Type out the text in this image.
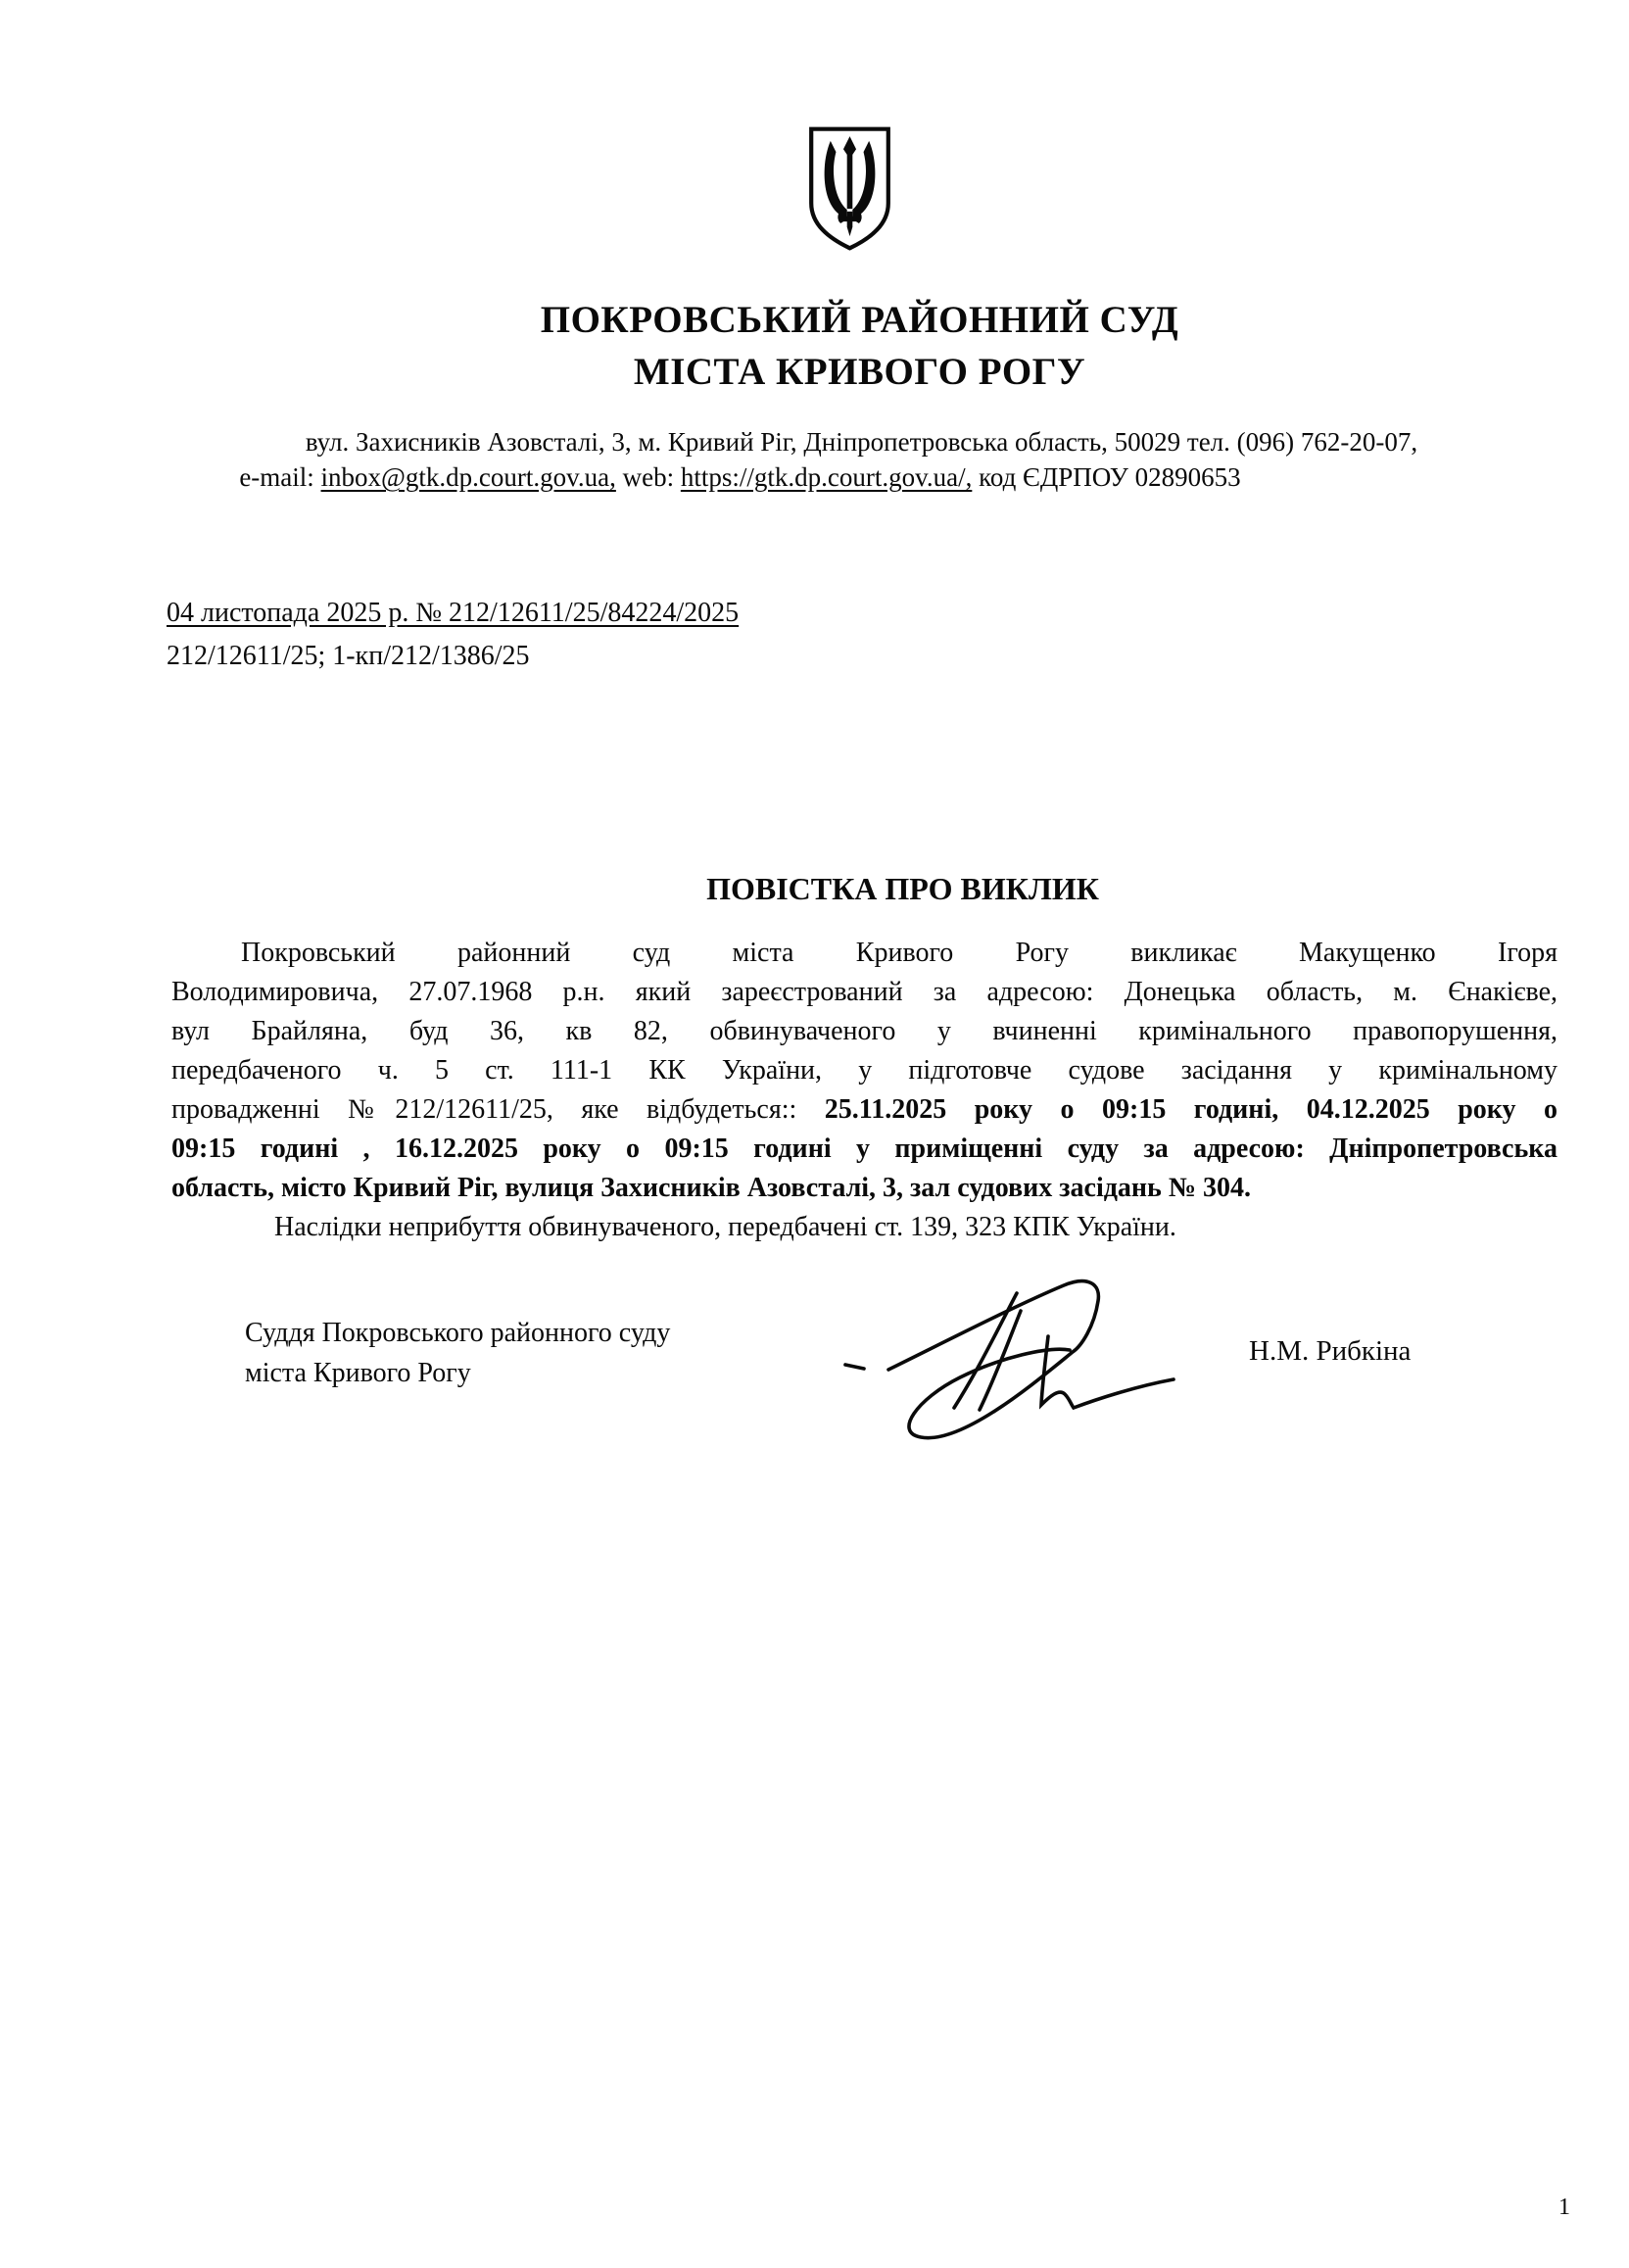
ПОКРОВСЬКИЙ РАЙОННИЙ СУД
МІСТА КРИВОГО РОГУ
вул. Захисників Азовсталі, 3, м. Кривий Ріг, Дніпропетровська область, 50029 тел. (096) 762-20-07,
e-mail: inbox@gtk.dp.court.gov.ua, web: https://gtk.dp.court.gov.ua/, код ЄДРПОУ 02890653
04 листопада 2025 р. № 212/12611/25/84224/2025
212/12611/25; 1-кп/212/1386/25
ПОВІСТКА ПРО ВИКЛИК
Покровський районний суд міста Кривого Рогу викликає Макущенко Ігоря
Володимировича, 27.07.1968 р.н. який зареєстрований за адресою: Донецька область, м. Єнакієве,
вул Брайляна, буд 36, кв 82, обвинуваченого у вчиненні кримінального правопорушення,
передбаченого ч. 5 ст. 111-1 КК України, у підготовче судове засідання у кримінальному
провадженні №212/12611/25, яке відбудеться:: 25.11.2025 року о 09:15 годині, 04.12.2025 року о
09:15 годині , 16.12.2025 року о 09:15 годині у приміщенні суду за адресою: Дніпропетровська
область, місто Кривий Ріг, вулиця Захисників Азовсталі, 3, зал судових засідань № 304.

Наслідки неприбуття обвинуваченого, передбачені ст. 139, 323 КПК України.

Суддя Покровського районного суду
міста Кривого Рогу
Н.М. Рибкіна
1
